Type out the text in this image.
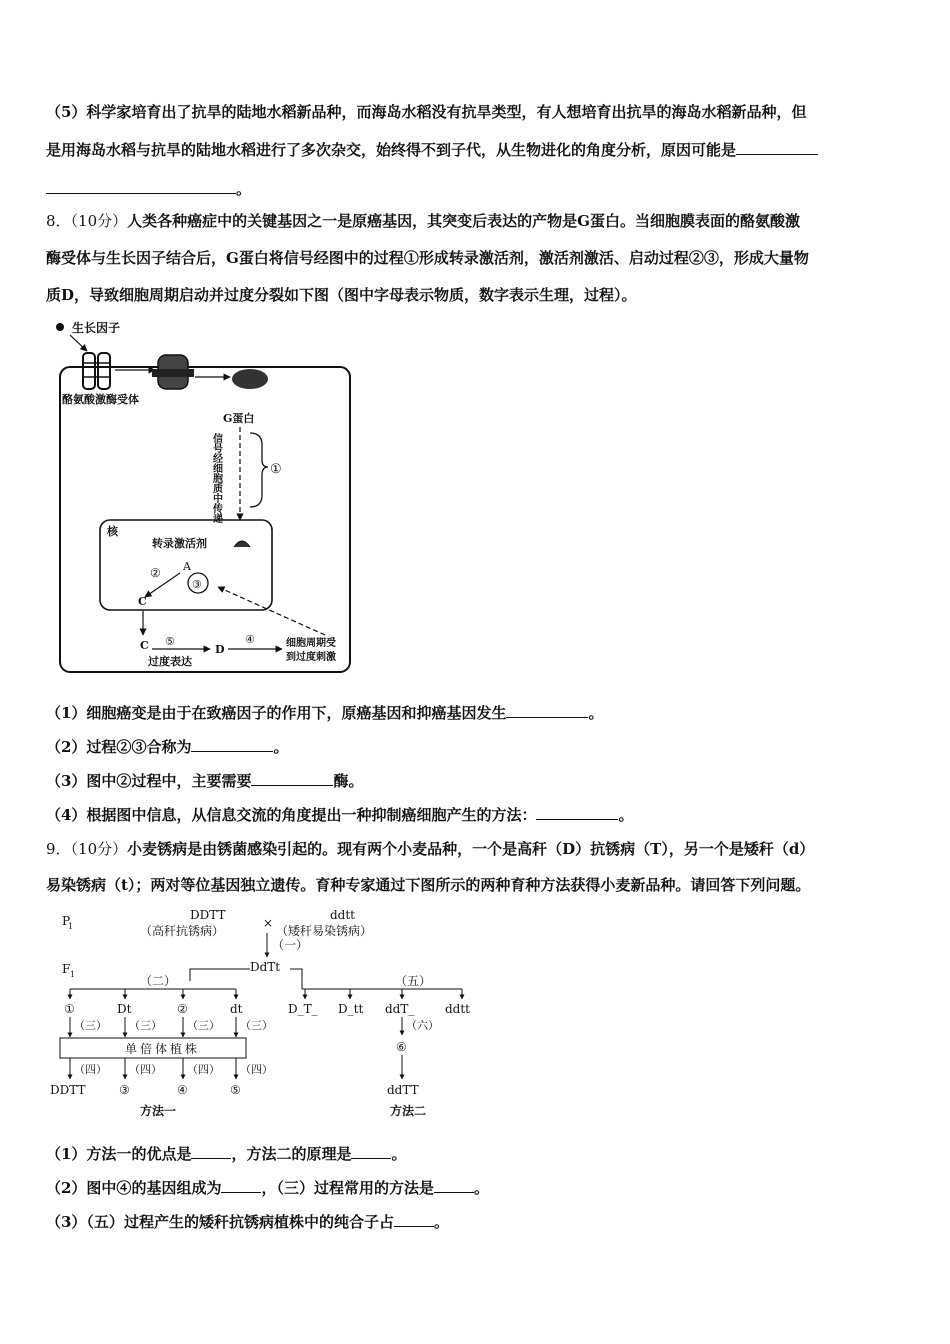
（5）科学家培育出了抗旱的陆地水稻新品种，而海岛水稻没有抗旱类型，有人想培育出抗旱的海岛水稻新品种，但
是用海岛水稻与抗旱的陆地水稻进行了多次杂交，始终得不到子代，从生物进化的角度分析，原因可能是
。
8．（10分）人类各种癌症中的关键基因之一是原癌基因，其突变后表达的产物是G蛋白。当细胞膜表面的酪氨酸激
酶受体与生长因子结合后，G蛋白将信号经图中的过程①形成转录激活剂，激活剂激活、启动过程②③，形成大量物
质D，导致细胞周期启动并过度分裂如下图（图中字母表示物质，数字表示生理，过程）。
生长因子
酪氨酸激酶受体
G蛋白
信号经细胞质中传递	①
核
转录激活剂
A
③
②
C
C ⑤
过度表达
D
④	细胞周期受
到过度刺激
（1）细胞癌变是由于在致癌因子的作用下，原癌基因和抑癌基因发生	。
（2）过程②③合称为	。
（3）图中②过程中，主要需要	酶。
（4）根据图中信息，从信息交流的角度提出一种抑制癌细胞产生的方法：	。
9．（10分）小麦锈病是由锈菌感染引起的。现有两个小麦品种，一个是高秆（D）抗锈病（T），另一个是矮秆（d）
易染锈病（t）；两对等位基因独立遗传。育种专家通过下图所示的两种育种方法获得小麦新品种。请回答下列问题。
P
1
F 1
DDTT
（高秆抗锈病）
×
ddtt
（矮秆易染锈病）
（一）
DdTt
（二）
①	Dt	②	dt
（三） （三） （三） （三）
单倍体植株
（四） （四） （四） （四）
DDTT	③	④	⑤
方法一
（五）
D_T_ D_tt ddT_	ddtt
（六）
⑥
ddTT
方法二
（1）方法一的优点是	，方法二的原理是	。
（2）图中④的基因组成为	，（三）过程常用的方法是	。
（3）（五）过程产生的矮秆抗锈病植株中的纯合子占	。
